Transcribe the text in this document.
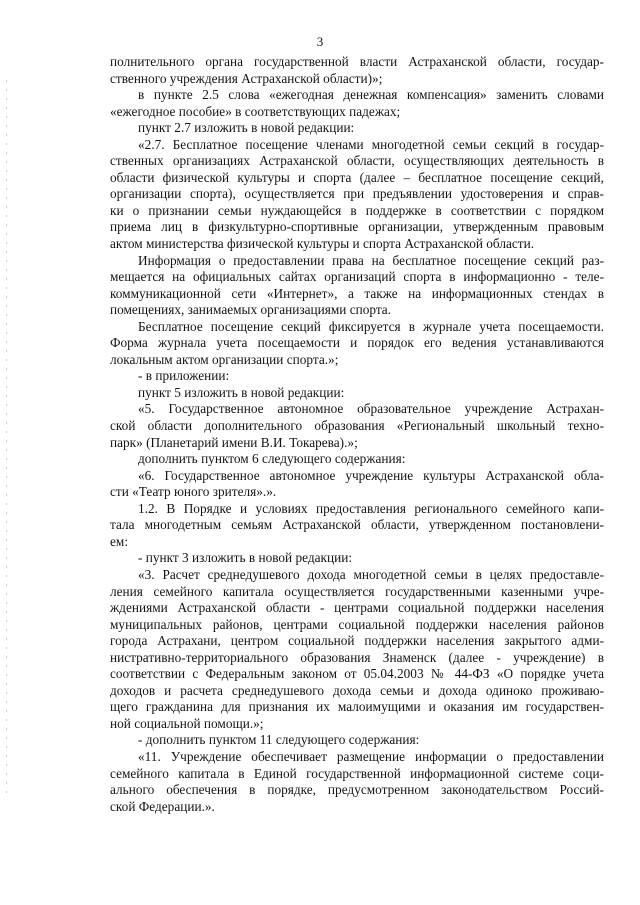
3
полнительного органа государственной власти Астраханской области, государ-
ственного учреждения Астраханской области)»;
в пункте 2.5 слова «ежегодная денежная компенсация» заменить словами
«ежегодное пособие» в соответствующих падежах;
пункт 2.7 изложить в новой редакции:
«2.7. Бесплатное посещение членами многодетной семьи секций в государ-
ственных организациях Астраханской области, осуществляющих деятельность в
области физической культуры и спорта (далее – бесплатное посещение секций,
организации спорта), осуществляется при предъявлении удостоверения и справ-
ки о признании семьи нуждающейся в поддержке в соответствии с порядком
приема лиц в физкультурно-спортивные организации, утвержденным правовым
актом министерства физической культуры и спорта Астраханской области.
Информация о предоставлении права на бесплатное посещение секций раз-
мещается на официальных сайтах организаций спорта в информационно - теле-
коммуникационной сети «Интернет», а также на информационных стендах в
помещениях, занимаемых организациями спорта.
Бесплатное посещение секций фиксируется в журнале учета посещаемости.
Форма журнала учета посещаемости и порядок его ведения устанавливаются
локальным актом организации спорта.»;
- в приложении:
пункт 5 изложить в новой редакции:
«5. Государственное автономное образовательное учреждение Астрахан-
ской области дополнительного образования «Региональный школьный техно-
парк» (Планетарий имени В.И. Токарева).»;
дополнить пунктом 6 следующего содержания:
«6. Государственное автономное учреждение культуры Астраханской обла-
сти «Театр юного зрителя».».
1.2. В Порядке и условиях предоставления регионального семейного капи-
тала многодетным семьям Астраханской области, утвержденном постановлени-
ем:
- пункт 3 изложить в новой редакции:
«3. Расчет среднедушевого дохода многодетной семьи в целях предоставле-
ления семейного капитала осуществляется государственными казенными учре-
ждениями Астраханской области - центрами социальной поддержки населения
муниципальных районов, центрами социальной поддержки населения районов
города Астрахани, центром социальной поддержки населения закрытого адми-
нистративно-территориального образования Знаменск (далее - учреждение) в
соответствии с Федеральным законом от 05.04.2003 № 44-ФЗ «О порядке учета
доходов и расчета среднедушевого дохода семьи и дохода одиноко проживаю-
щего гражданина для признания их малоимущими и оказания им государствен-
ной социальной помощи.»;
- дополнить пунктом 11 следующего содержания:
«11. Учреждение обеспечивает размещение информации о предоставлении
семейного капитала в Единой государственной информационной системе соци-
ального обеспечения в порядке, предусмотренном законодательством Россий-
ской Федерации.».
